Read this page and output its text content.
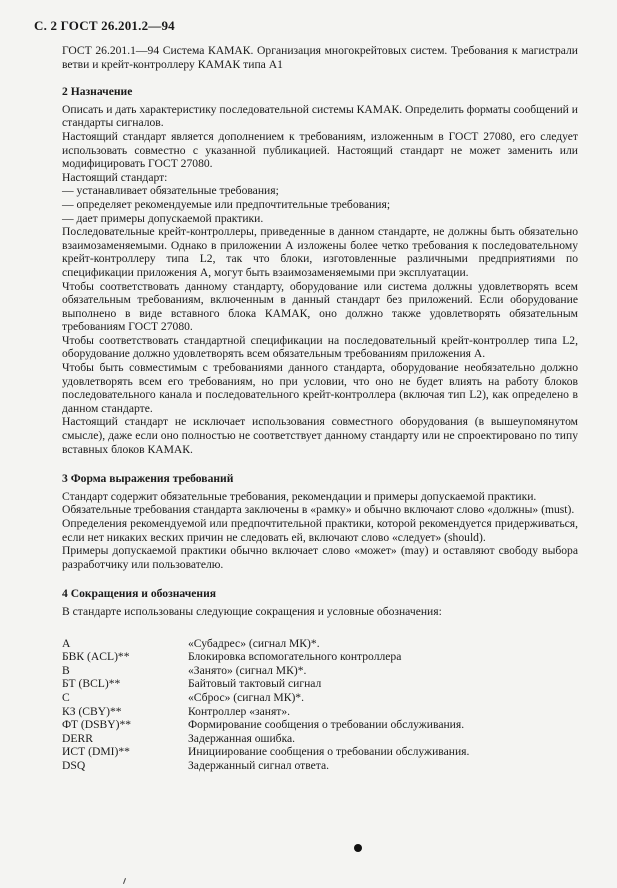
С. 2 ГОСТ 26.201.2—94

ГОСТ 26.201.1—94 Система КАМАК. Организация многокрейтовых систем. Требования к магистрали ветви и крейт-контроллеру КАМАК типа А1

2 Назначение

Описать и дать характеристику последовательной системы КАМАК. Определить форматы сообщений и стандарты сигналов.

Настоящий стандарт является дополнением к требованиям, изложенным в ГОСТ 27080, его следует использовать совместно с указанной публикацией. Настоящий стандарт не может заменить или модифицировать ГОСТ 27080.

Настоящий стандарт:

— устанавливает обязательные требования;

— определяет рекомендуемые или предпочтительные требования;

— дает примеры допускаемой практики.

Последовательные крейт-контроллеры, приведенные в данном стандарте, не должны быть обязательно взаимозаменяемыми. Однако в приложении А изложены более четко требования к последовательному крейт-контроллеру типа L2, так что блоки, изготовленные различными предприятиями по спецификации приложения А, могут быть взаимозаменяемыми при эксплуатации.

Чтобы соответствовать данному стандарту, оборудование или система должны удовлетворять всем обязательным требованиям, включенным в данный стандарт без приложений. Если оборудование выполнено в виде вставного блока КАМАК, оно должно также удовлетворять обязательным требованиям ГОСТ 27080.

Чтобы соответствовать стандартной спецификации на последовательный крейт-контроллер типа L2, оборудование должно удовлетворять всем обязательным требованиям приложения А.

Чтобы быть совместимым с требованиями данного стандарта, оборудование необязательно должно удовлетворять всем его требованиям, но при условии, что оно не будет влиять на работу блоков последовательного канала и последовательного крейт-контроллера (включая тип L2), как определено в данном стандарте.

Настоящий стандарт не исключает использования совместного оборудования (в вышеупомянутом смысле), даже если оно полностью не соответствует данному стандарту или не спроектировано по типу вставных блоков КАМАК.

3 Форма выражения требований

Стандарт содержит обязательные требования, рекомендации и примеры допускаемой практики.

Обязательные требования стандарта заключены в «рамку» и обычно включают слово «должны» (must).

Определения рекомендуемой или предпочтительной практики, которой рекомендуется придерживаться, если нет никаких веских причин не следовать ей, включают слово «следует» (should).

Примеры допускаемой практики обычно включает слово «может» (may) и оставляют свободу выбора разработчику или пользователю.

4 Сокращения и обозначения

В стандарте использованы следующие сокращения и условные обозначения:

A	«Субадрес» (сигнал МК)*.
БВК (ACL)**	Блокировка вспомогательного контроллера
B	«Занято» (сигнал МК)*.
БТ (BCL)**	Байтовый тактовый сигнал
C	«Сброс» (сигнал МК)*.
КЗ (CBY)**	Контроллер «занят».
ФТ (DSBY)**	Формирование сообщения о требовании обслуживания.
DERR	Задержанная ошибка.
ИСТ (DMI)**	Инициирование сообщения о требовании обслуживания.
DSQ	Задержанный сигнал ответа.
